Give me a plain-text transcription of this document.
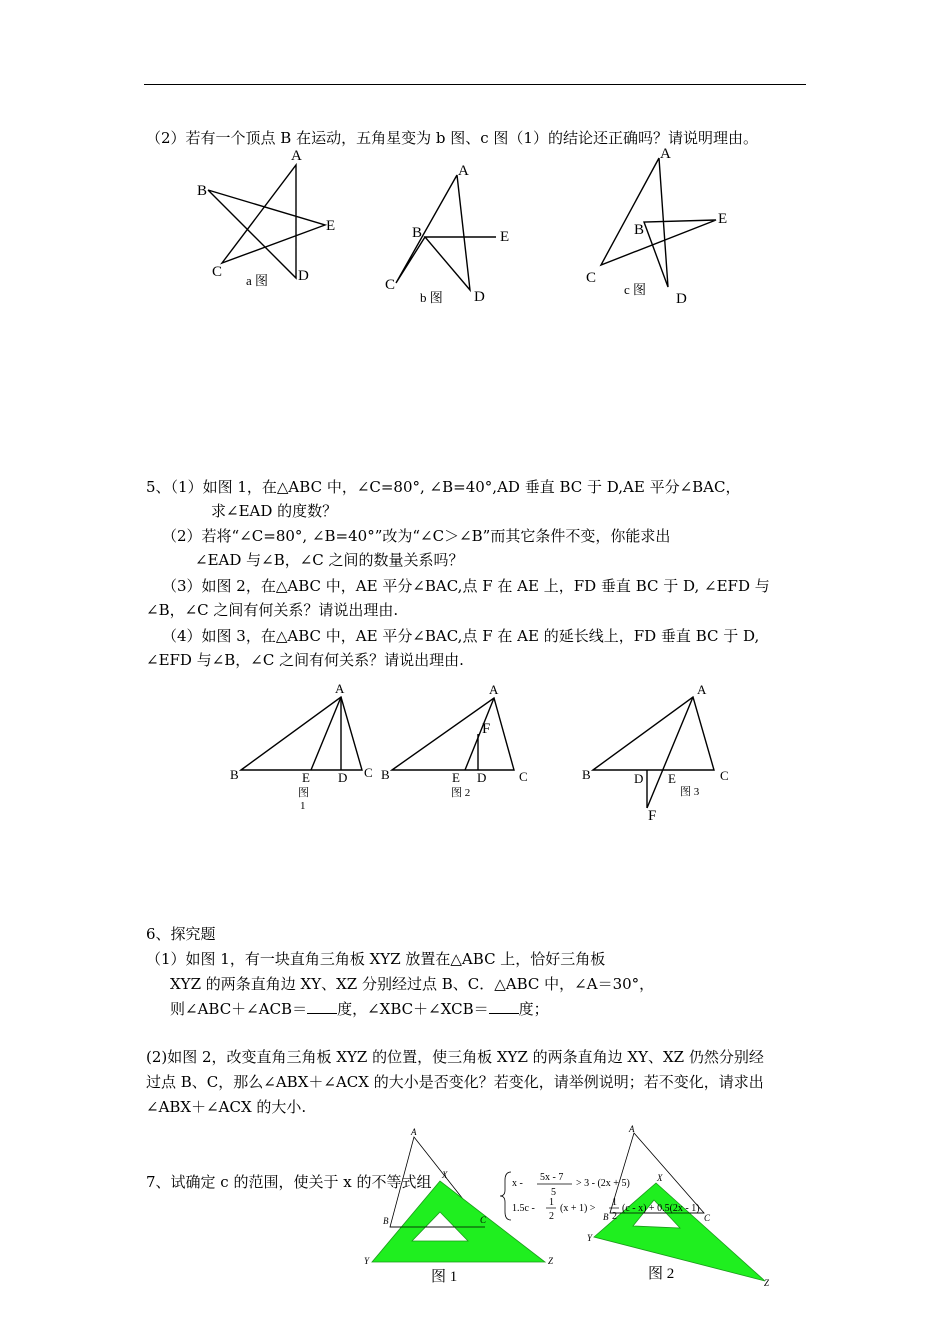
（2）若有一个顶点 B 在运动，五角星变为 b 图、c 图（1）的结论还正确吗？请说明理由。
A
B
E
C	D
a 图
A
B	E
C
D
b 图
A
B
E
C
D
c 图
5、（1）如图 1，在△ABC 中，∠C=80°, ∠B=40°,AD 垂直 BC 于 D,AE 平分∠BAC，
求∠EAD 的度数？
（2）若将“∠C=80°, ∠B=40°”改为“∠C＞∠B”而其它条件不变，你能求出
∠EAD 与∠B，∠C 之间的数量关系吗？
（3）如图 2，在△ABC 中，AE 平分∠BAC,点 F 在 AE 上，FD 垂直 BC 于 D, ∠EFD 与
∠B，∠C 之间有何关系？请说出理由.
（4）如图 3，在△ABC 中，AE 平分∠BAC,点 F 在 AE 的延长线上，FD 垂直 BC 于 D,
∠EFD 与∠B，∠C 之间有何关系？请说出理由.
A
B	C
D
E
图
1
A
B	C
D
E
F
图 2
A
B	C
D E
F
图 3
6、探究题
（1）如图 1，有一块直角三角板 XYZ 放置在△ABC 上，恰好三角板
XYZ 的两条直角边 XY、XZ 分别经过点 B、C．△ABC 中，∠A＝30°，
则∠ABC＋∠ACB＝ 度，∠XBC＋∠XCB＝ 度；
(2)如图 2，改变直角三角板 XYZ 的位置，使三角板 XYZ 的两条直角边 XY、XZ 仍然分别经
过点 B、C，那么∠ABX＋∠ACX 的大小是否变化？若变化，请举例说明；若不变化，请求出
∠ABX＋∠ACX 的大小.
7、试确定 c 的范围，使关于 x 的不等式组
A
B	C
X
Y	Z
图 1
A
B	C
X
Y
Z
图 2
x -
5x - 7
5
> 3 - (2x + 5)
1.5c -
1
2
(x + 1) >
1
2
(c - x) + 0.5(2x - 1)
